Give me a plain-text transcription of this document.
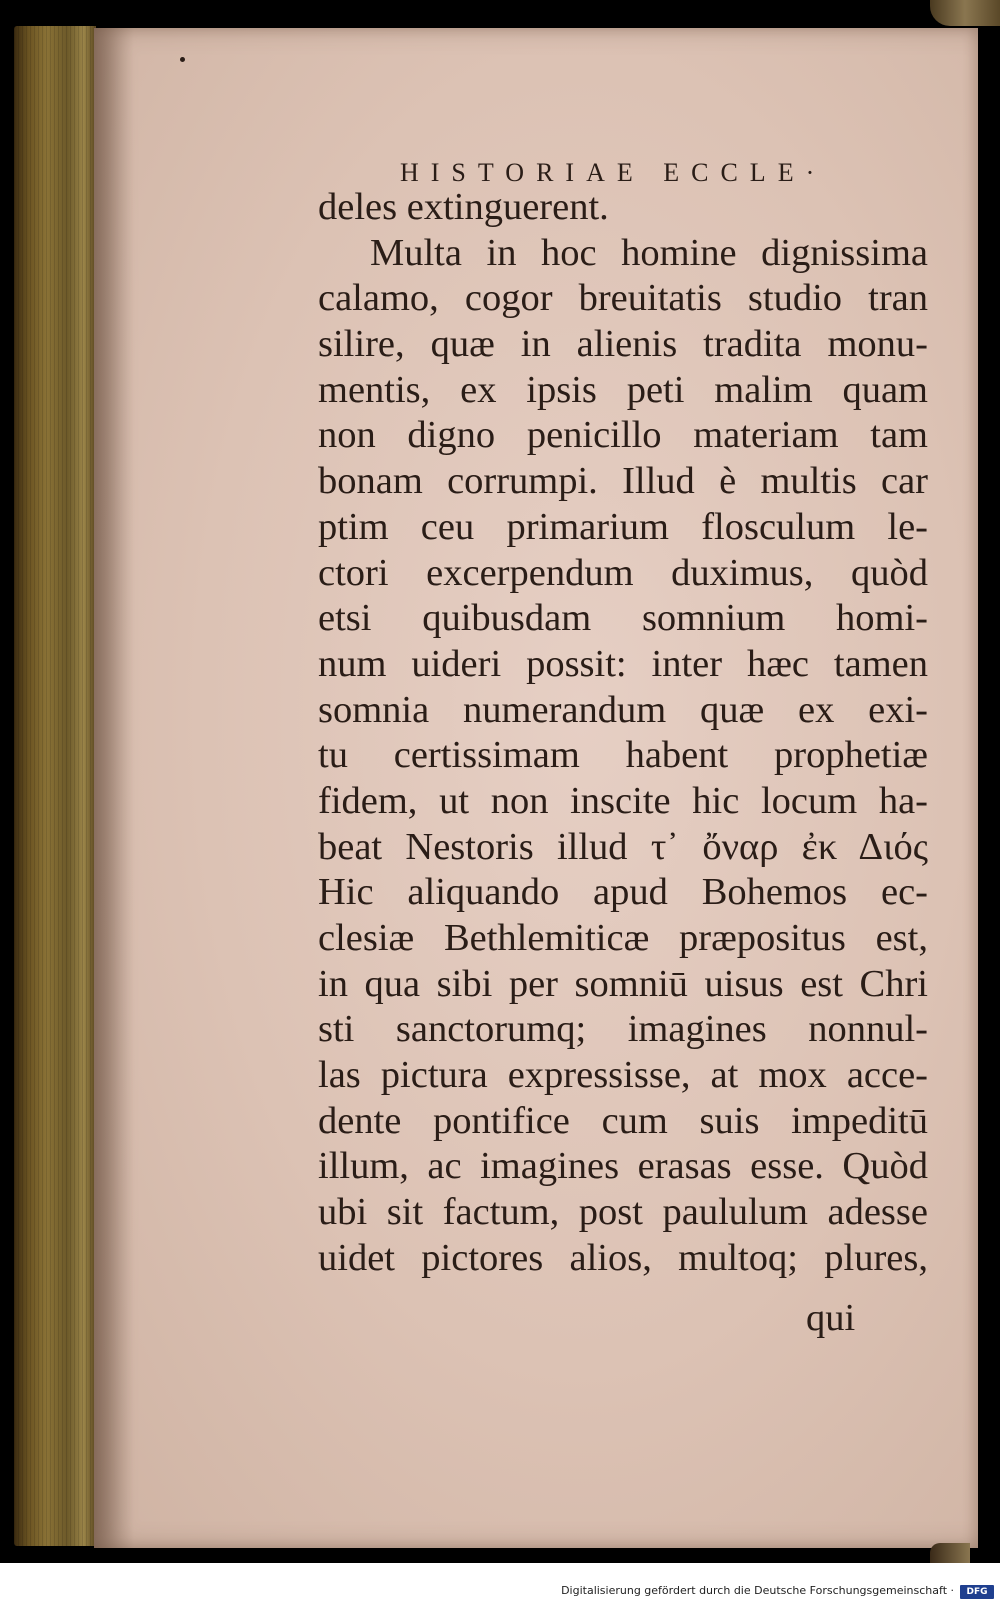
HISTORIAE ECCLE·
deles extinguerent.
Multa in hoc homine dignissima
calamo, cogor breuitatis studio tran
silire, quæ in alienis tradita monu-
mentis, ex ipsis peti malim quam
non digno penicillo materiam tam
bonam corrumpi. Illud è multis car
ptim ceu primarium flosculum le-
ctori excerpendum duximus, quòd
etsi quibusdam somnium homi-
num uideri possit: inter hæc tamen
somnia numerandum quæ ex exi-
tu certissimam habent prophetiæ
fidem, ut non inscite hic locum ha-
beat Nestoris illud τ᾽ ὄναρ ἐκ Διός
Hic aliquando apud Bohemos ec-
clesiæ Bethlemiticæ præpositus est,
in qua sibi per somniū uisus est Chri
sti sanctorumq; imagines nonnul-
las pictura expressisse, at mox acce-
dente pontifice cum suis impeditū
illum, ac imagines erasas esse. Quòd
ubi sit factum, post paululum adesse
uidet pictores alios, multoq; plures,
qui
Digitalisierung gefördert durch die Deutsche Forschungsgemeinschaft ·	DFG
